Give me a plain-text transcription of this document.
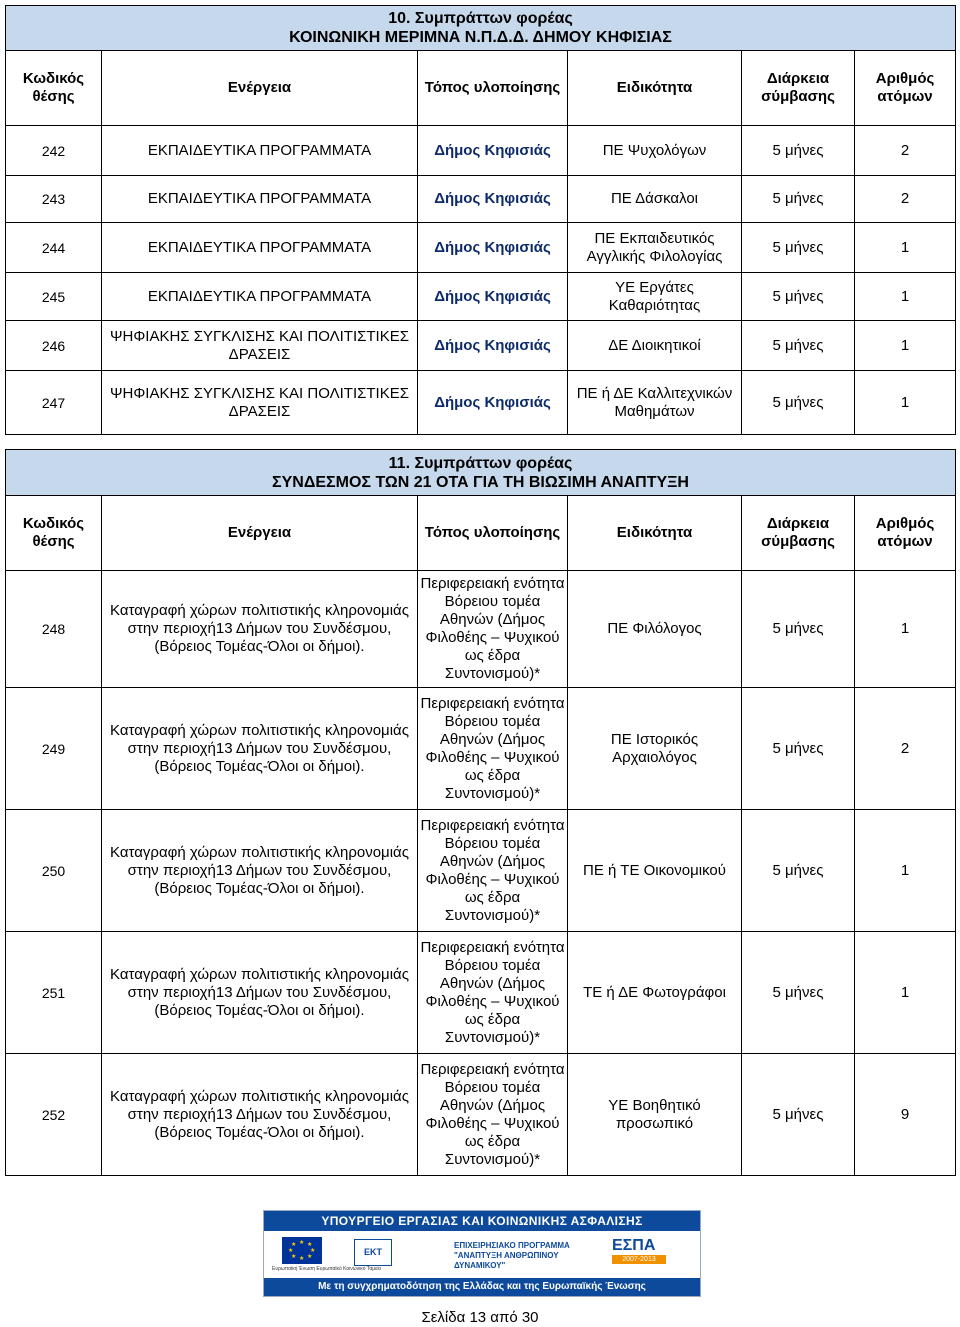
10. Συμπράττων φορέας
ΚΟΙΝΩΝΙΚΗ ΜΕΡΙΜΝΑ Ν.Π.Δ.Δ. ΔΗΜΟΥ ΚΗΦΙΣΙΑΣ					

Κωδικός θέσης	Ενέργεια	Τόπος υλοποίησης	Ειδικότητα	Διάρκεια σύμβασης	Αριθμός ατόμων
242	ΕΚΠΑΙΔΕΥΤΙΚΑ ΠΡΟΓΡΑΜΜΑΤΑ	Δήμος Κηφισιάς	ΠΕ Ψυχολόγων	5 μήνες	2
243	ΕΚΠΑΙΔΕΥΤΙΚΑ ΠΡΟΓΡΑΜΜΑΤΑ	Δήμος Κηφισιάς	ΠΕ Δάσκαλοι	5 μήνες	2
244	ΕΚΠΑΙΔΕΥΤΙΚΑ ΠΡΟΓΡΑΜΜΑΤΑ	Δήμος Κηφισιάς	ΠΕ Εκπαιδευτικός Αγγλικής Φιλολογίας	5 μήνες	1
245	ΕΚΠΑΙΔΕΥΤΙΚΑ ΠΡΟΓΡΑΜΜΑΤΑ	Δήμος Κηφισιάς	ΥΕ Εργάτες Καθαριότητας	5 μήνες	1
246	ΨΗΦΙΑΚΗΣ ΣΥΓΚΛΙΣΗΣ ΚΑΙ ΠΟΛΙΤΙΣΤΙΚΕΣ ΔΡΑΣΕΙΣ	Δήμος Κηφισιάς	ΔΕ Διοικητικοί	5 μήνες	1
247	ΨΗΦΙΑΚΗΣ ΣΥΓΚΛΙΣΗΣ ΚΑΙ ΠΟΛΙΤΙΣΤΙΚΕΣ ΔΡΑΣΕΙΣ	Δήμος Κηφισιάς	ΠΕ ή ΔΕ Καλλιτεχνικών Μαθημάτων	5 μήνες	1
11. Συμπράττων φορέας
ΣΥΝΔΕΣΜΟΣ ΤΩΝ 21 ΟΤΑ ΓΙΑ ΤΗ ΒΙΩΣΙΜΗ ΑΝΑΠΤΥΞΗ					

Κωδικός θέσης	Ενέργεια	Τόπος υλοποίησης	Ειδικότητα	Διάρκεια σύμβασης	Αριθμός ατόμων
248	Καταγραφή χώρων πολιτιστικής κληρονομιάς στην περιοχή13 Δήμων του Συνδέσμου, (Βόρειος Τομέας-Όλοι οι δήμοι).	Περιφερειακή ενότητα Βόρειου τομέα Αθηνών (Δήμος Φιλοθέης – Ψυχικού ως έδρα Συντονισμού)*	ΠΕ Φιλόλογος	5 μήνες	1
249	Καταγραφή χώρων πολιτιστικής κληρονομιάς στην περιοχή13 Δήμων του Συνδέσμου, (Βόρειος Τομέας-Όλοι οι δήμοι).	Περιφερειακή ενότητα Βόρειου τομέα Αθηνών (Δήμος Φιλοθέης – Ψυχικού ως έδρα Συντονισμού)*	ΠΕ Ιστορικός Αρχαιολόγος	5 μήνες	2
250	Καταγραφή χώρων πολιτιστικής κληρονομιάς στην περιοχή13 Δήμων του Συνδέσμου, (Βόρειος Τομέας-Όλοι οι δήμοι).	Περιφερειακή ενότητα Βόρειου τομέα Αθηνών (Δήμος Φιλοθέης – Ψυχικού ως έδρα Συντονισμού)*	ΠΕ ή ΤΕ Οικονομικού	5 μήνες	1
251	Καταγραφή χώρων πολιτιστικής κληρονομιάς στην περιοχή13 Δήμων του Συνδέσμου, (Βόρειος Τομέας-Όλοι οι δήμοι).	Περιφερειακή ενότητα Βόρειου τομέα Αθηνών (Δήμος Φιλοθέης – Ψυχικού ως έδρα Συντονισμού)*	ΤΕ ή ΔΕ Φωτογράφοι	5 μήνες	1
252	Καταγραφή χώρων πολιτιστικής κληρονομιάς στην περιοχή13 Δήμων του Συνδέσμου, (Βόρειος Τομέας-Όλοι οι δήμοι).	Περιφερειακή ενότητα Βόρειου τομέα Αθηνών (Δήμος Φιλοθέης – Ψυχικού ως έδρα Συντονισμού)*	ΥΕ Βοηθητικό προσωπικό	5 μήνες	9
ΥΠΟΥΡΓΕΙΟ ΕΡΓΑΣΙΑΣ ΚΑΙ ΚΟΙΝΩΝΙΚΗΣ ΑΣΦΑΛΙΣΗΣ
★ ★
★
★
★
★
★
★
Ευρωπαϊκή Ένωση Ευρωπαϊκό Κοινωνικό Ταμείο
ΕΚΤ
ΕΠΙΧΕΙΡΗΣΙΑΚΟ ΠΡΟΓΡΑΜΜΑ "ΑΝΑΠΤΥΞΗ ΑΝΘΡΩΠΙΝΟΥ ΔΥΝΑΜΙΚΟΥ"
ΕΣΠΑ
2007-2013
Με τη συγχρηματοδότηση της Ελλάδας και της Ευρωπαϊκής Ένωσης
Σελίδα 13 από 30
